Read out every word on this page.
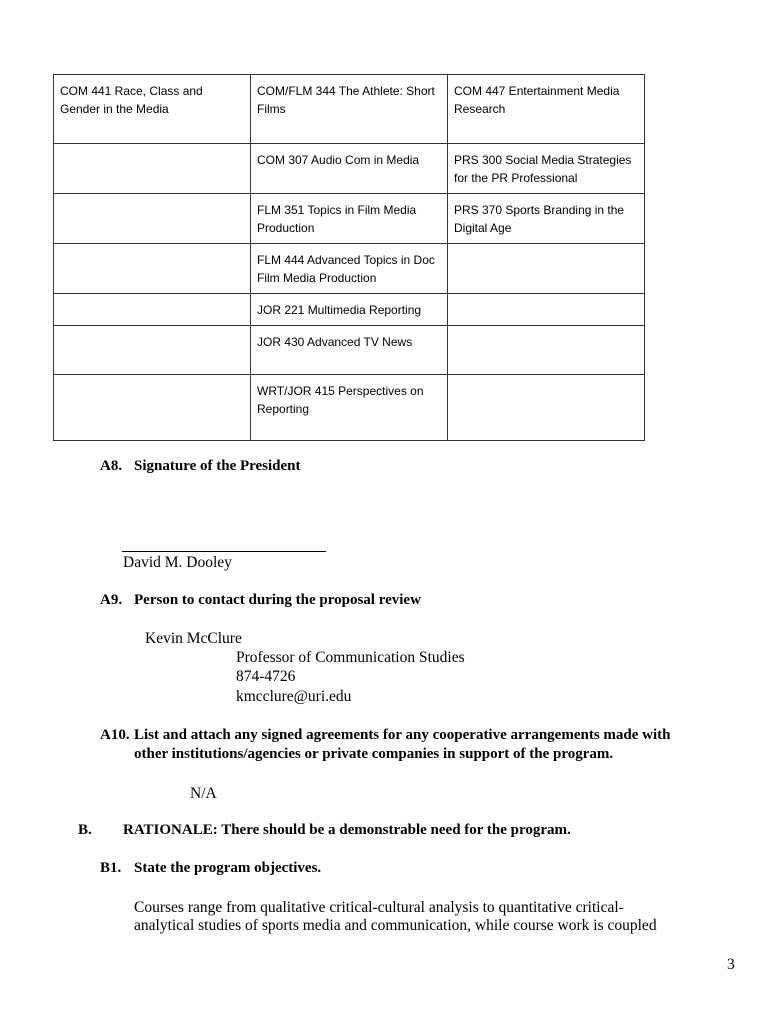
COM 441 Race, Class and Gender in the Media	COM/FLM 344 The Athlete: Short Films	COM 447 Entertainment Media Research
	COM 307 Audio Com in Media	PRS 300 Social Media Strategies for the PR Professional
	FLM 351 Topics in Film Media Production	PRS 370 Sports Branding in the Digital Age
	FLM 444 Advanced Topics in Doc Film Media Production	
	JOR 221 Multimedia Reporting	
	JOR 430 Advanced TV News	
	WRT/JOR 415 Perspectives on Reporting	
A8. Signature of the President
David M. Dooley
A9. Person to contact during the proposal review
Kevin McClure
Professor of Communication Studies
874-4726
kmcclure@uri.edu
A10. List and attach any signed agreements for any cooperative arrangements made with
other institutions/agencies or private companies in support of the program.
N/A
B. RATIONALE: There should be a demonstrable need for the program.
B1. State the program objectives.
Courses range from qualitative critical-cultural analysis to quantitative critical-
analytical studies of sports media and communication, while course work is coupled
3
